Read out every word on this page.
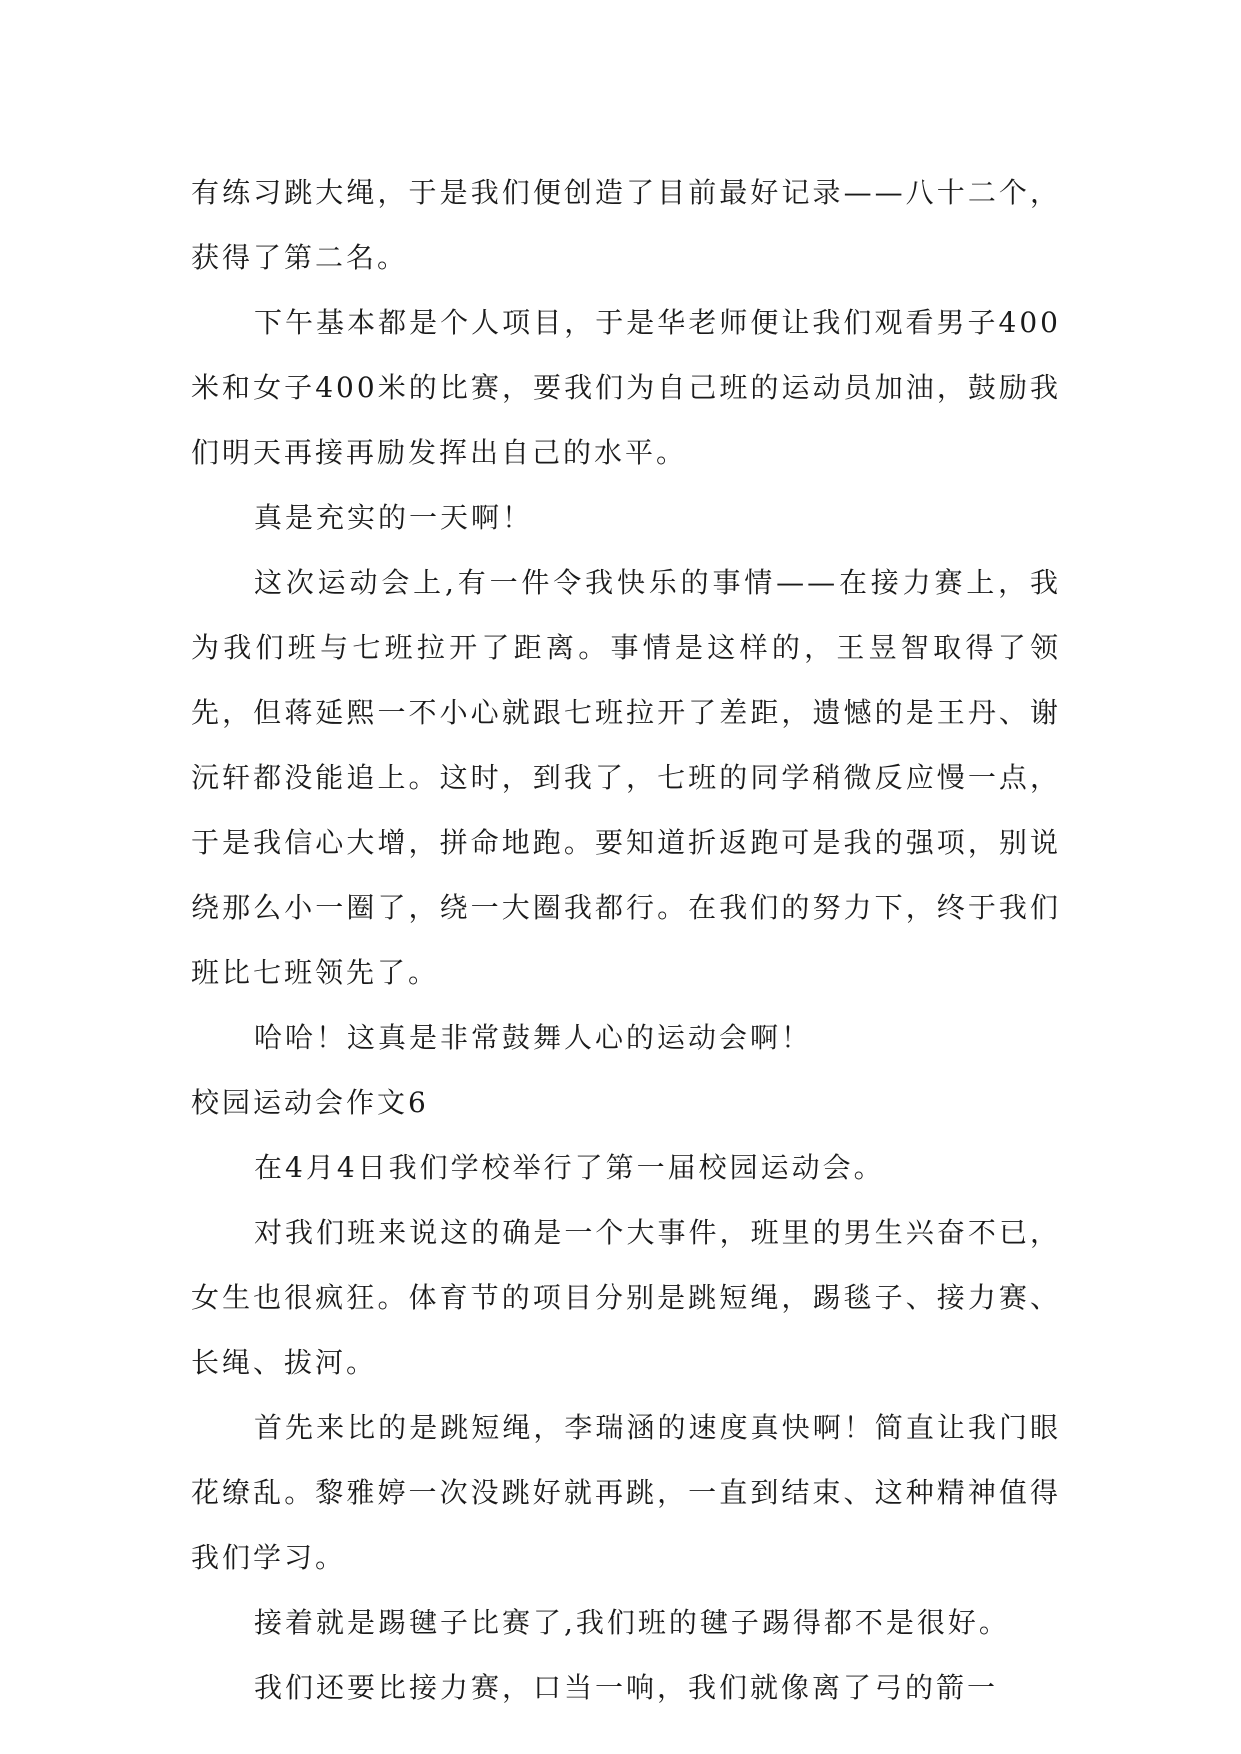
有练习跳大绳，于是我们便创造了目前最好记录——八十二个，获得了第二名。

下午基本都是个人项目，于是华老师便让我们观看男子400米和女子400米的比赛，要我们为自己班的运动员加油，鼓励我们明天再接再励发挥出自己的水平。

真是充实的一天啊！

这次运动会上,有一件令我快乐的事情——在接力赛上，我为我们班与七班拉开了距离。事情是这样的，王昱智取得了领先，但蒋延熙一不小心就跟七班拉开了差距，遗憾的是王丹、谢沅轩都没能追上。这时，到我了，七班的同学稍微反应慢一点，于是我信心大增，拼命地跑。要知道折返跑可是我的强项，别说绕那么小一圈了，绕一大圈我都行。在我们的努力下，终于我们班比七班领先了。

哈哈！这真是非常鼓舞人心的运动会啊！

校园运动会作文6

在4月4日我们学校举行了第一届校园运动会。

对我们班来说这的确是一个大事件，班里的男生兴奋不已，女生也很疯狂。体育节的项目分别是跳短绳，踢毯子、接力赛、长绳、拔河。

首先来比的是跳短绳，李瑞涵的速度真快啊！简直让我门眼花缭乱。黎雅婷一次没跳好就再跳，一直到结束、这种精神值得我们学习。

接着就是踢毽子比赛了,我们班的毽子踢得都不是很好。

我们还要比接力赛，口当一响，我们就像离了弓的箭一
